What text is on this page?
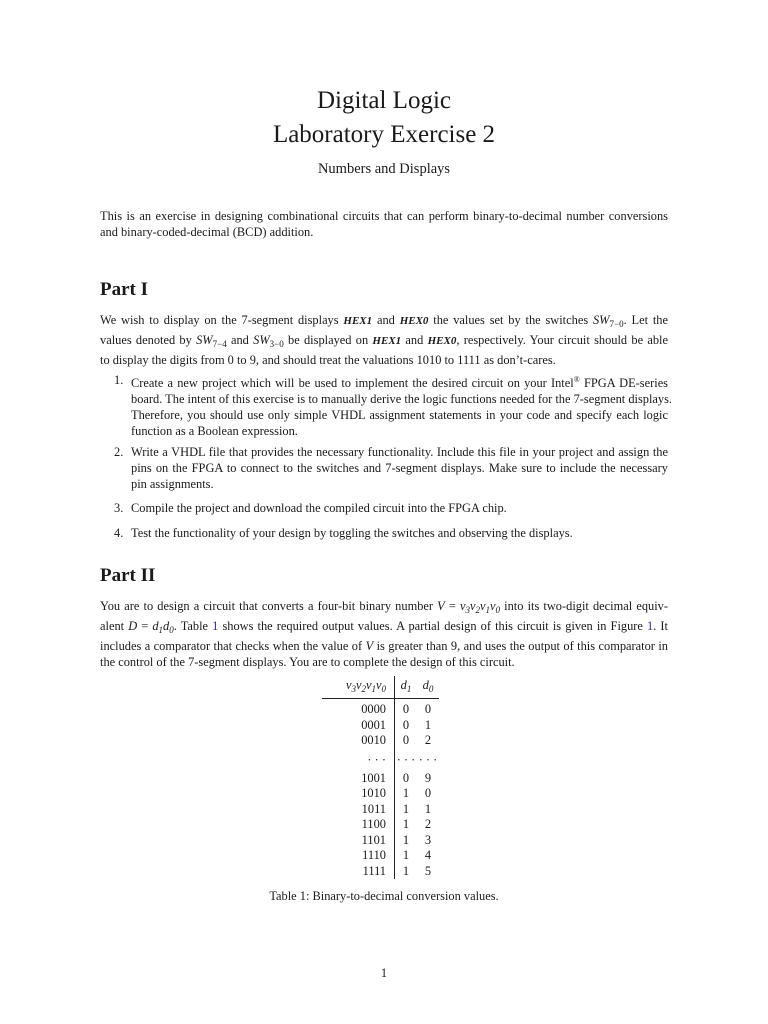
Digital Logic
Laboratory Exercise 2
Numbers and Displays
This is an exercise in designing combinational circuits that can perform binary-to-decimal number conversions
and binary-coded-decimal (BCD) addition.
Part I
We wish to display on the 7-segment displays HEX1 and HEX0 the values set by the switches $SW_{7-0}$. Let the
values denoted by $SW_{7-4}$ and $SW_{3-0}$ be displayed on HEX1 and HEX0, respectively. Your circuit should be able
to display the digits from 0 to 9, and should treat the valuations 1010 to 1111 as don’t-cares.
1. Create a new project which will be used to implement the desired circuit on your Intel® FPGA DE-series
board. The intent of this exercise is to manually derive the logic functions needed for the 7-segment displays.
Therefore, you should use only simple VHDL assignment statements in your code and specify each logic
function as a Boolean expression.
2. Write a VHDL file that provides the necessary functionality. Include this file in your project and assign the
pins on the FPGA to connect to the switches and 7-segment displays. Make sure to include the necessary
pin assignments.
3. Compile the project and download the compiled circuit into the FPGA chip.
4. Test the functionality of your design by toggling the switches and observing the displays.
Part II
You are to design a circuit that converts a four-bit binary number $V = v_3v_2v_1v_0$ into its two-digit decimal equiv-
alent $D = d_1d_0$. Table 1 shows the required output values. A partial design of this circuit is given in Figure 1. It
includes a comparator that checks when the value of V is greater than 9, and uses the output of this comparator in
the control of the 7-segment displays. You are to complete the design of this circuit.
$v_3v_2v_1v_0$	$d_1$	$d_0$
0000	0	0
0001	0	1
0010	0	2
· · ·	· · ·	· · ·
1001	0	9
1010	1	0
1011	1	1
1100	1	2
1101	1	3
1110	1	4
1111	1	5
Table 1: Binary-to-decimal conversion values.
1
